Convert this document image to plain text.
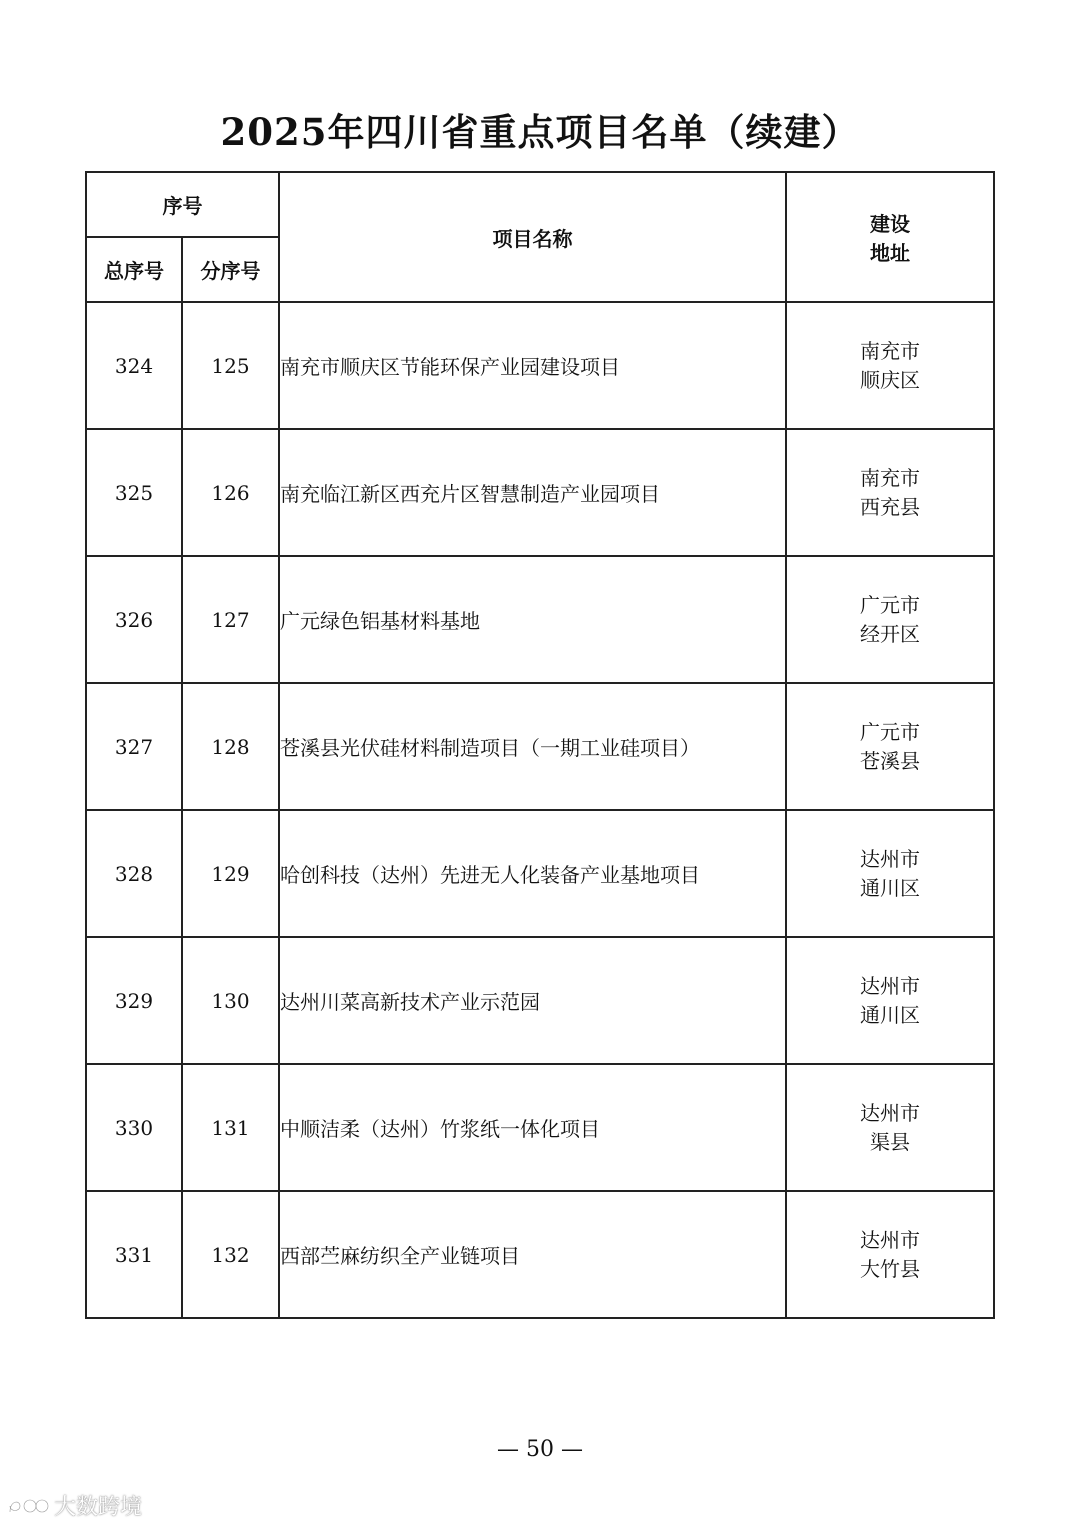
2025年四川省重点项目名单（续建）
序号		项目名称	建设
地址

总序号	分序号		
324	125	南充市顺庆区节能环保产业园建设项目	南充市
顺庆区

325	126	南充临江新区西充片区智慧制造产业园项目	南充市
西充县

326	127	广元绿色铝基材料基地	广元市
经开区

327	128	苍溪县光伏硅材料制造项目（一期工业硅项目）	广元市
苍溪县

328	129	哈创科技（达州）先进无人化装备产业基地项目	达州市
通川区

329	130	达州川菜高新技术产业示范园	达州市
通川区

330	131	中顺洁柔（达州）竹浆纸一体化项目	达州市
渠县

331	132	西部苎麻纺织全产业链项目	达州市
大竹县
— 50 —
大数跨境
